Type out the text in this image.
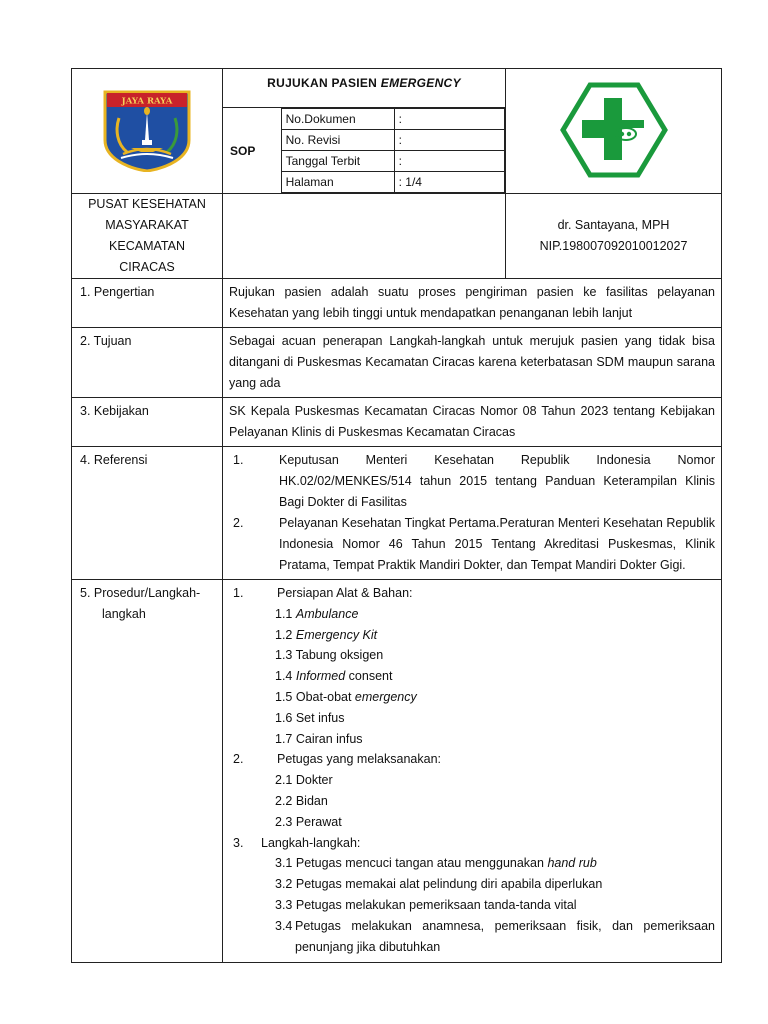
JAYA RAYA

RUJUKAN PASIEN EMERGENCY
SOP
No.Dokumen	:
No. Revisi	:
Tanggal Terbit	:
Halaman	: 1/4

PUSAT KESEHATAN
MASYARAKAT
KECAMATAN
CIRACAS

dr. Santayana, MPH
NIP.198007092010012027

1. Pengertian	Rujukan pasien adalah suatu proses pengiriman pasien ke fasilitas pelayanan Kesehatan yang lebih tinggi untuk mendapatkan penanganan lebih lanjut
2. Tujuan	Sebagai acuan penerapan Langkah-langkah untuk merujuk pasien yang tidak bisa ditangani di Puskesmas Kecamatan Ciracas karena keterbatasan SDM maupun sarana yang ada
3. Kebijakan	SK Kepala Puskesmas Kecamatan Ciracas Nomor 08 Tahun 2023 tentang Kebijakan Pelayanan Klinis di Puskesmas Kecamatan Ciracas
4. Referensi	1.	Keputusan Menteri Kesehatan Republik Indonesia Nomor HK.02/02/MENKES/514 tahun 2015 tentang Panduan Keterampilan Klinis Bagi Dokter di Fasilitas
2.	Pelayanan Kesehatan Tingkat Pertama.Peraturan Menteri Kesehatan Republik Indonesia Nomor 46 Tahun 2015 Tentang Akreditasi Puskesmas, Klinik Pratama, Tempat Praktik Mandiri Dokter, dan Tempat Mandiri Dokter Gigi.

5. Prosedur/Langkah-
langkah

1.	Persiapan Alat & Bahan:
1.1 Ambulance
1.2 Emergency Kit
1.3 Tabung oksigen
1.4 Informed consent
1.5 Obat-obat emergency
1.6 Set infus
1.7 Cairan infus
2.	Petugas yang melaksanakan:
2.1 Dokter
2.2 Bidan
2.3 Perawat
3.	Langkah-langkah:
3.1 Petugas mencuci tangan atau menggunakan hand rub
3.2 Petugas memakai alat pelindung diri apabila diperlukan
3.3 Petugas melakukan pemeriksaan tanda-tanda vital
3.4 Petugas melakukan anamnesa, pemeriksaan fisik, dan pemeriksaan penunjang jika dibutuhkan
